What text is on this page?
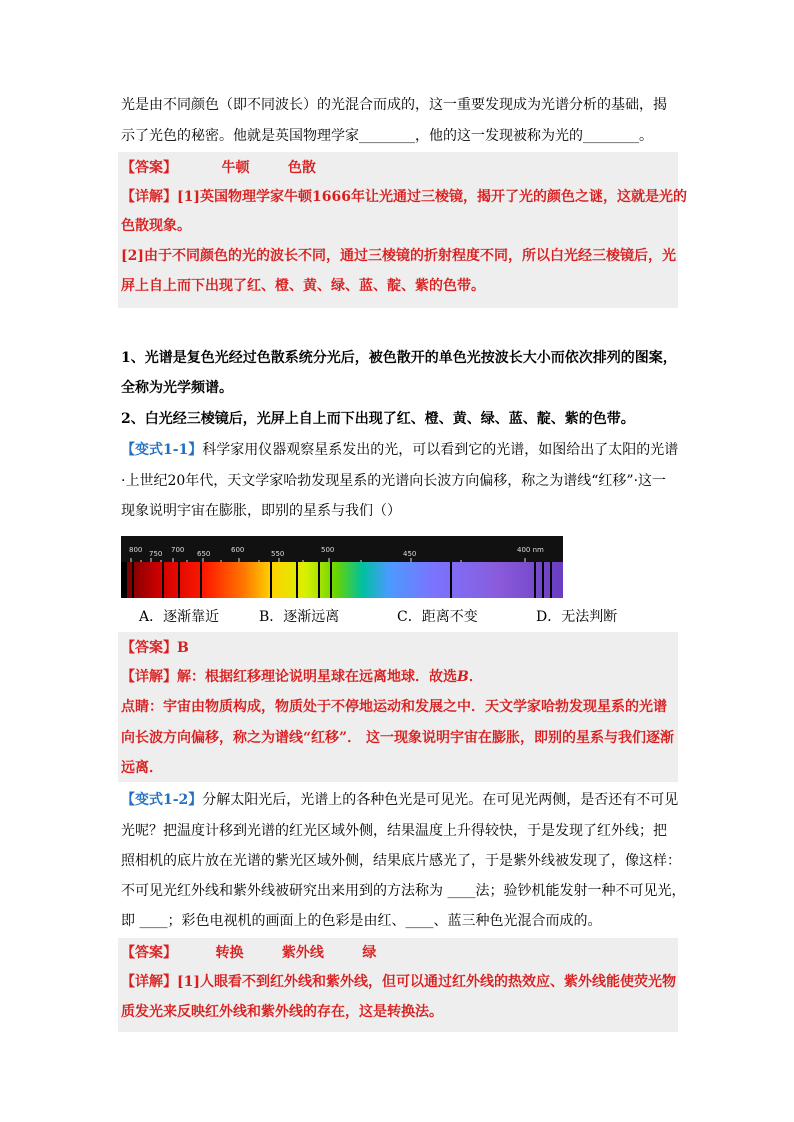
光是由不同颜色（即不同波长）的光混合而成的，这一重要发现成为光谱分析的基础，揭
示了光色的秘密。他就是英国物理学家________，他的这一发现被称为光的________。
【答案】	牛顿	色散
【详解】[1]英国物理学家牛顿1666年让光通过三棱镜，揭开了光的颜色之谜，这就是光的
色散现象。
[2]由于不同颜色的光的波长不同，通过三棱镜的折射程度不同，所以白光经三棱镜后，光
屏上自上而下出现了红、橙、黄、绿、蓝、靛、紫的色带。
1、光谱是复色光经过色散系统分光后，被色散开的单色光按波长大小而依次排列的图案，
全称为光学频谱。
2、白光经三棱镜后，光屏上自上而下出现了红、橙、黄、绿、蓝、靛、紫的色带。
【变式1-1】科学家用仪器观察星系发出的光，可以看到它的光谱，如图给出了太阳的光谱
·上世纪20年代，天文学家哈勃发现星系的光谱向长波方向偏移，称之为谱线“红移”·这一
现象说明宇宙在膨胀，即别的星系与我们（）
800 750 700 650	600	550	500	450	400 nm
A．逐渐靠近	B．逐渐远离	C．距离不变	D．无法判断
【答案】B
【详解】解：根据红移理论说明星球在远离地球．故选B．
点睛：宇宙由物质构成，物质处于不停地运动和发展之中．天文学家哈勃发现星系的光谱
向长波方向偏移，称之为谱线“红移”． 这一现象说明宇宙在膨胀，即别的星系与我们逐渐
远离．
【变式1-2】分解太阳光后，光谱上的各种色光是可见光。在可见光两侧，是否还有不可见
光呢？把温度计移到光谱的红光区域外侧，结果温度上升得较快，于是发现了红外线；把
照相机的底片放在光谱的紫光区域外侧，结果底片感光了，于是紫外线被发现了，像这样：
不可见光红外线和紫外线被研究出来用到的方法称为 ____法；验钞机能发射一种不可见光，
即 ____；彩色电视机的画面上的色彩是由红、____、蓝三种色光混合而成的。
【答案】	转换	紫外线	绿
【详解】[1]人眼看不到红外线和紫外线，但可以通过红外线的热效应、紫外线能使荧光物
质发光来反映红外线和紫外线的存在，这是转换法。
